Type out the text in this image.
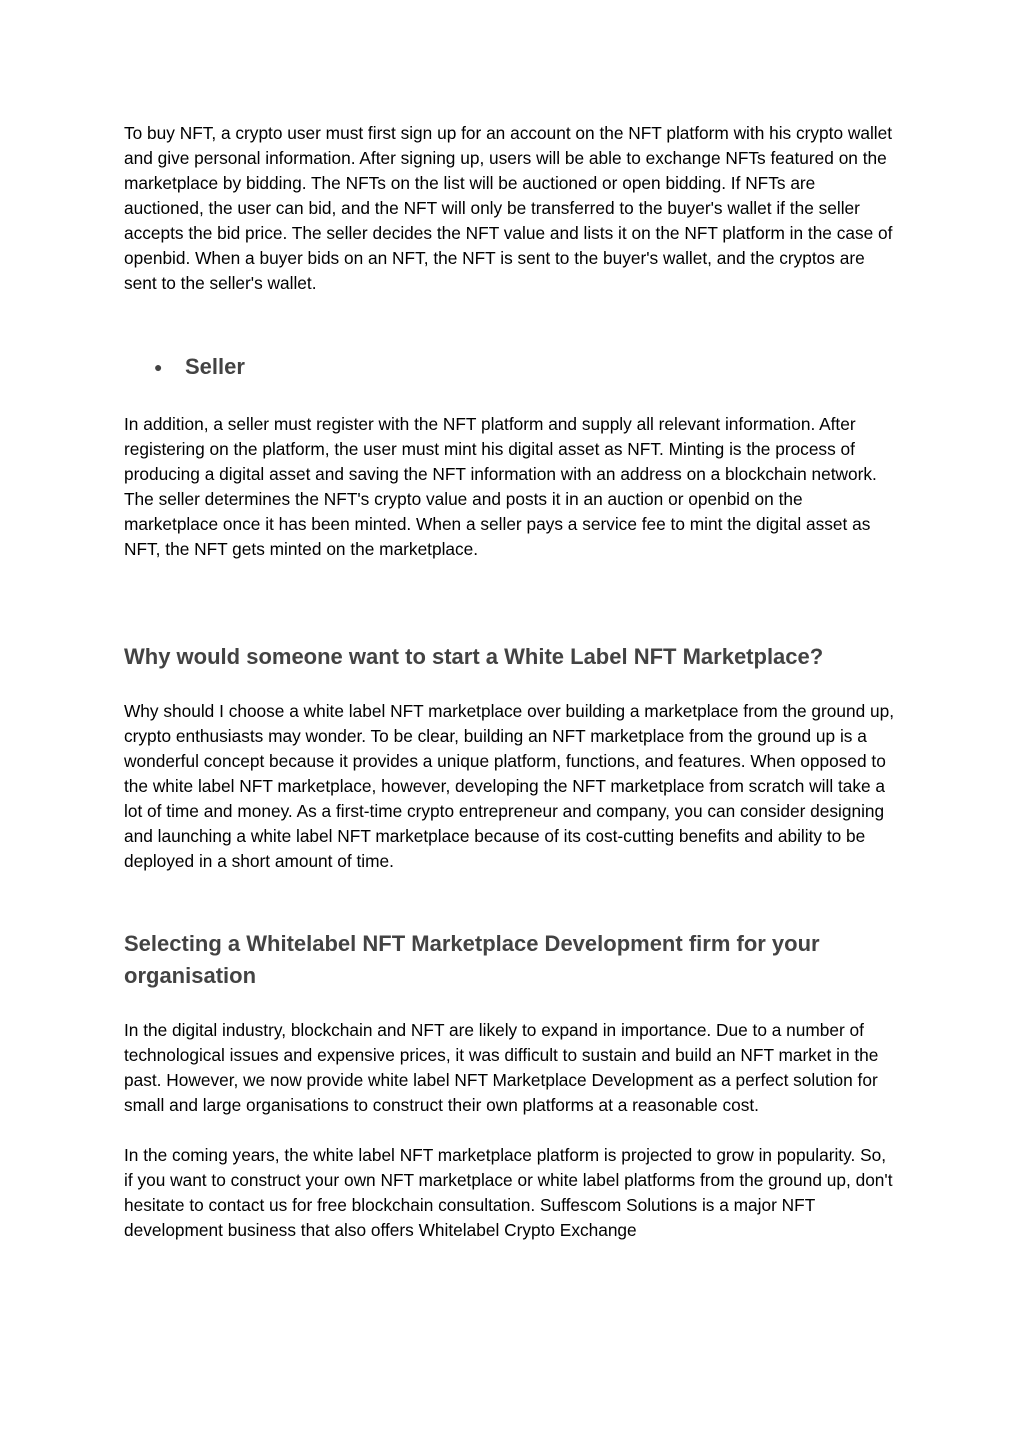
To buy NFT, a crypto user must first sign up for an account on the NFT platform with his crypto wallet and give personal information. After signing up, users will be able to exchange NFTs featured on the marketplace by bidding. The NFTs on the list will be auctioned or open bidding. If NFTs are auctioned, the user can bid, and the NFT will only be transferred to the buyer's wallet if the seller accepts the bid price. The seller decides the NFT value and lists it on the NFT platform in the case of openbid. When a buyer bids on an NFT, the NFT is sent to the buyer's wallet, and the cryptos are sent to the seller's wallet.

●	Seller

In addition, a seller must register with the NFT platform and supply all relevant information. After registering on the platform, the user must mint his digital asset as NFT. Minting is the process of producing a digital asset and saving the NFT information with an address on a blockchain network. The seller determines the NFT's crypto value and posts it in an auction or openbid on the marketplace once it has been minted. When a seller pays a service fee to mint the digital asset as NFT, the NFT gets minted on the marketplace.

Why would someone want to start a White Label NFT Marketplace?

Why should I choose a white label NFT marketplace over building a marketplace from the ground up, crypto enthusiasts may wonder. To be clear, building an NFT marketplace from the ground up is a wonderful concept because it provides a unique platform, functions, and features. When opposed to the white label NFT marketplace, however, developing the NFT marketplace from scratch will take a lot of time and money. As a first-time crypto entrepreneur and company, you can consider designing and launching a white label NFT marketplace because of its cost-cutting benefits and ability to be deployed in a short amount of time.

Selecting a Whitelabel NFT Marketplace Development firm for your organisation

In the digital industry, blockchain and NFT are likely to expand in importance. Due to a number of technological issues and expensive prices, it was difficult to sustain and build an NFT market in the past. However, we now provide white label NFT Marketplace Development as a perfect solution for small and large organisations to construct their own platforms at a reasonable cost.

In the coming years, the white label NFT marketplace platform is projected to grow in popularity. So, if you want to construct your own NFT marketplace or white label platforms from the ground up, don't hesitate to contact us for free blockchain consultation. Suffescom Solutions is a major NFT development business that also offers Whitelabel Crypto Exchange
